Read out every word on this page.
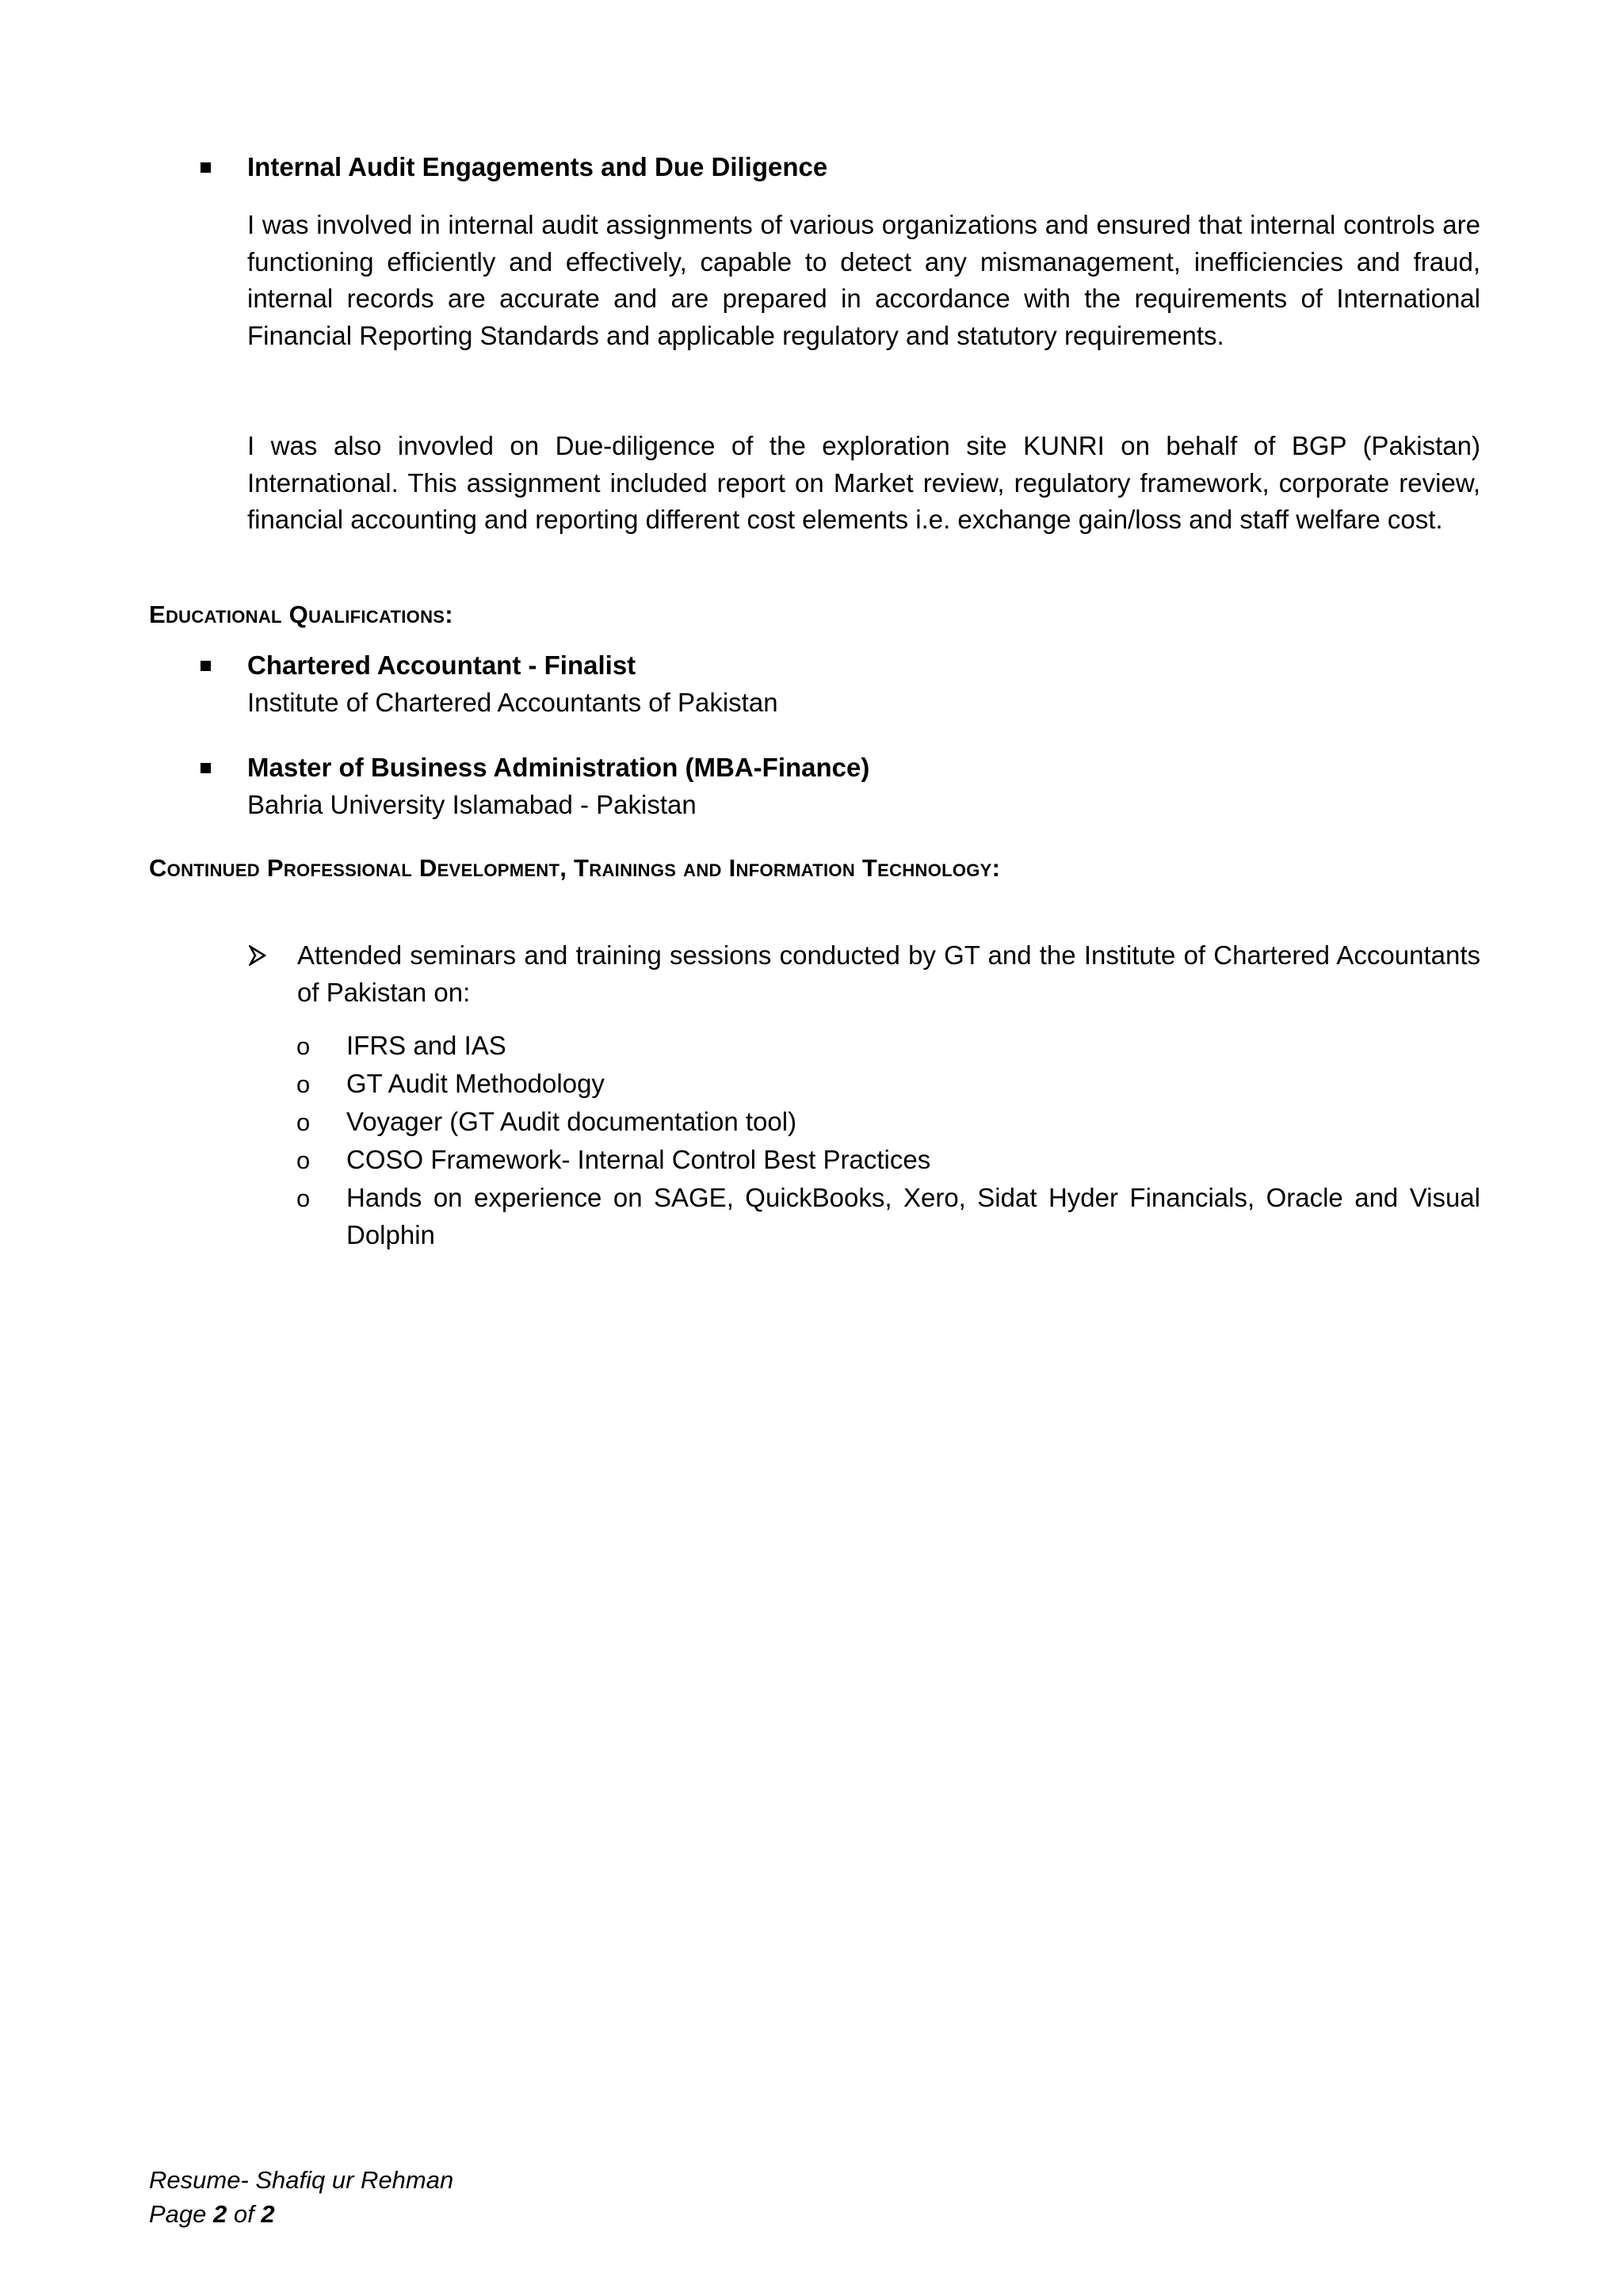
Internal Audit Engagements and Due Diligence
I was involved in internal audit assignments of various organizations and ensured that internal controls are functioning efficiently and effectively, capable to detect any mismanagement, inefficiencies and fraud, internal records are accurate and are prepared in accordance with the requirements of International Financial Reporting Standards and applicable regulatory and statutory requirements.
I was also invovled on Due-diligence of the exploration site KUNRI on behalf of BGP (Pakistan) International. This assignment included report on Market review, regulatory framework, corporate review, financial accounting and reporting different cost elements i.e. exchange gain/loss and staff welfare cost.
Educational Qualifications:
Chartered Accountant - Finalist
Institute of Chartered Accountants of Pakistan
Master of Business Administration (MBA-Finance)
Bahria University Islamabad - Pakistan
Continued Professional Development, Trainings and Information Technology:
Attended seminars and training sessions conducted by GT and the Institute of Chartered Accountants of Pakistan on:
o IFRS and IAS
o GT Audit Methodology
o Voyager (GT Audit documentation tool)
o COSO Framework- Internal Control Best Practices
o Hands on experience on SAGE, QuickBooks, Xero, Sidat Hyder Financials, Oracle and Visual Dolphin
Resume- Shafiq ur Rehman
Page 2 of 2
